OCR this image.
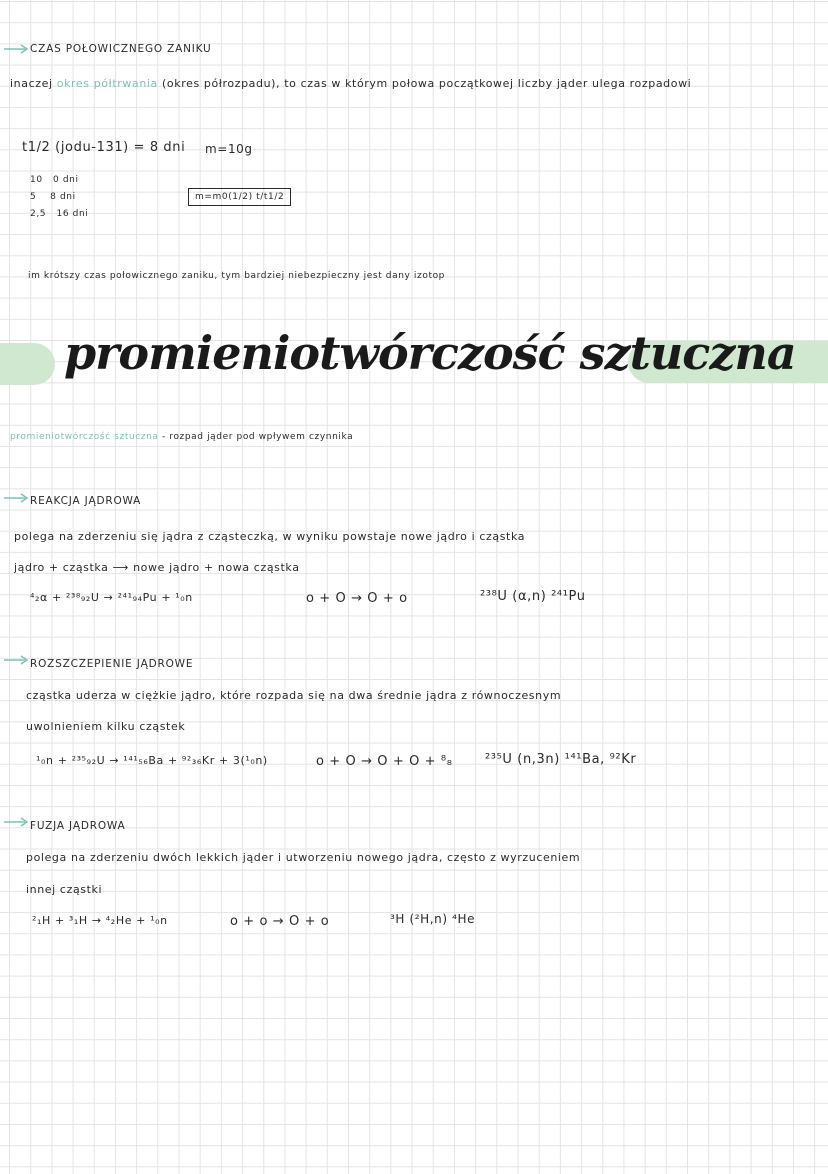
CZAS POŁOWICZNEGO ZANIKU
inaczej okres półtrwania (okres półrozpadu), to czas w którym połowa początkowej liczby jąder ulega rozpadowi
t1/2 (jodu-131) = 8 dni m=10g
10 0 dni
5 8 dni
2,5 16 dni
m=m0(1/2) t/t1/2
im krótszy czas połowicznego zaniku, tym bardziej niebezpieczny jest dany izotop
promieniotwórczość sztuczna
promieniotwórczość sztuczna - rozpad jąder pod wpływem czynnika
REAKCJA JĄDROWA
polega na zderzeniu się jądra z cząsteczką, w wyniku powstaje nowe jądro i cząstka
jądro + cząstka ⟶ nowe jądro + nowa cząstka
⁴₂α + ²³⁸₉₂U → ²⁴¹₉₄Pu + ¹₀n	o + O → O + o	²³⁸U (α,n) ²⁴¹Pu
ROZSZCZEPIENIE JĄDROWE
cząstka uderza w ciężkie jądro, które rozpada się na dwa średnie jądra z równoczesnym
uwolnieniem kilku cząstek
¹₀n + ²³⁵₉₂U → ¹⁴¹₅₆Ba + ⁹²₃₆Kr + 3(¹₀n)	o + O → O + O + ⁸₈ ²³⁵U (n,3n) ¹⁴¹Ba, ⁹²Kr
FUZJA JĄDROWA
polega na zderzeniu dwóch lekkich jąder i utworzeniu nowego jądra, często z wyrzuceniem
innej cząstki
²₁H + ³₁H → ⁴₂He + ¹₀n	o + o → O + o	³H (²H,n) ⁴He
